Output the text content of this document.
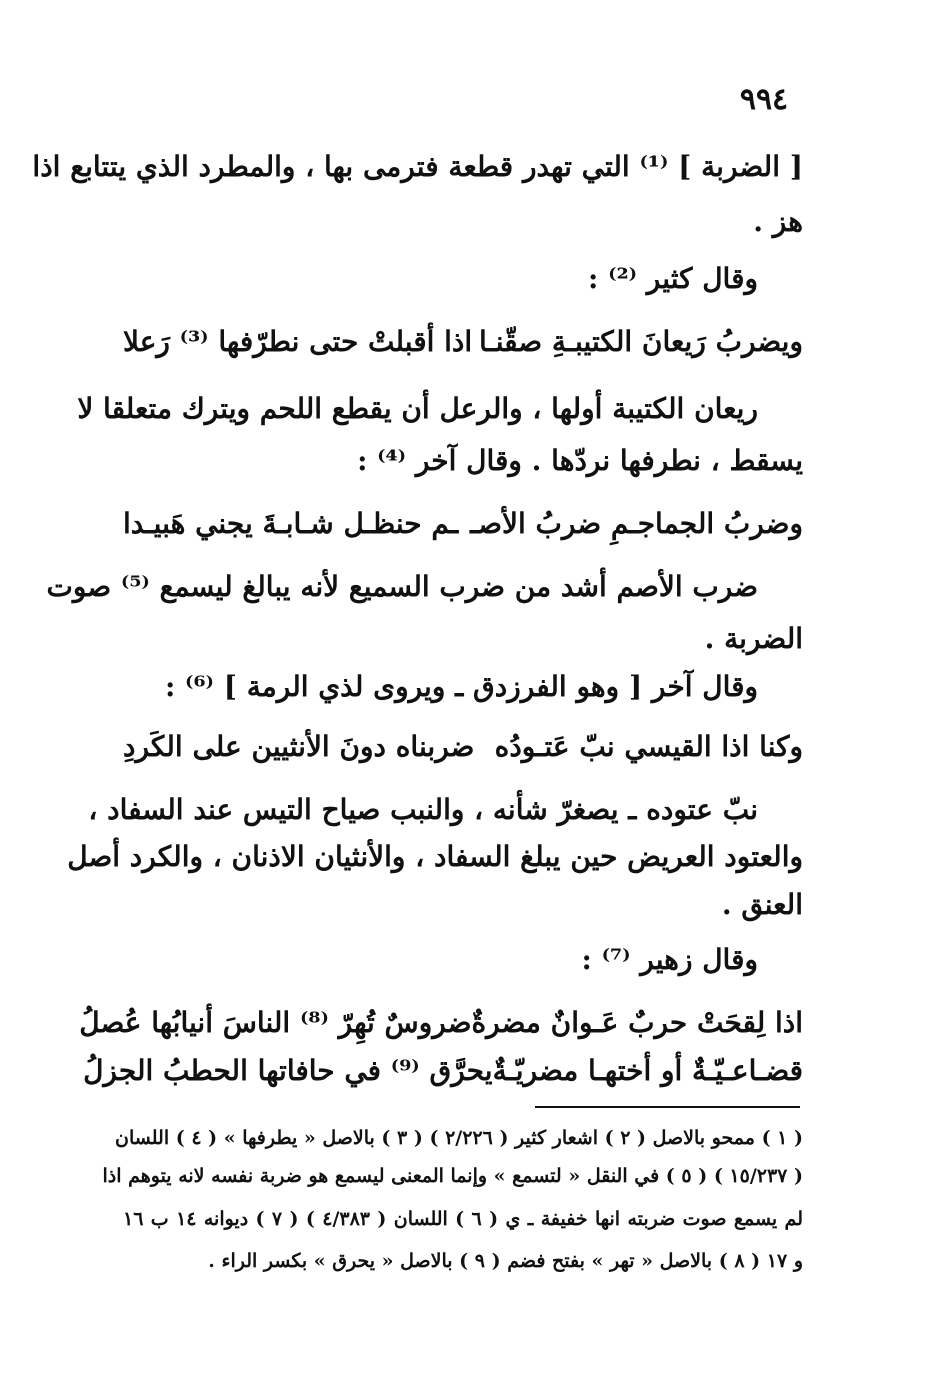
٩٩٤
[ الضربة ] ⁽¹⁾ التي تهدر قطعة فترمى بها ، والمطرد الذي يتتابع اذا
هز .
وقال كثير ⁽²⁾ :
ويضربُ رَيعانَ الكتيبـةِ صقّنـا
اذا أقبلتْ حتى نطرّفها ⁽³⁾ رَعلا
ريعان الكتيبة أولها ، والرعل أن يقطع اللحم ويترك متعلقا لا
يسقط ، نطرفها نردّها . وقال آخر ⁽⁴⁾ :
وضربُ الجماجـمِ ضربُ الأصـ
ـم حنظـل شـابـةَ يجني هَبيـدا
ضرب الأصم أشد من ضرب السميع لأنه يبالغ ليسمع ⁽⁵⁾ صوت
الضربة .
وقال آخر [ وهو الفرزدق ـ ويروى لذي الرمة ] ⁽⁶⁾ :
وكنا اذا القيسي نبّ عَتـودُه
ضربناه دونَ الأنثيين على الكَردِ
نبّ عتوده ـ يصغرّ شأنه ، والنبب صياح التيس عند السفاد ،
والعتود العريض حين يبلغ السفاد ، والأنثيان الاذنان ، والكرد أصل
العنق .
وقال زهير ⁽⁷⁾ :
اذا لِقحَتْ حربٌ عَـوانٌ مضرةٌ
ضروسٌ تُهِرّ ⁽⁸⁾ الناسَ أنيابُها عُصلُ
قضـاعـيّـةٌ أو أختهـا مضريّـةٌ
يحرَّق ⁽⁹⁾ في حافاتها الحطبُ الجزلُ
( ١ ) ممحو بالاصل ( ٢ ) اشعار كثير ( ٢/٢٢٦ ) ( ٣ ) بالاصل « يطرفها » ( ٤ ) اللسان
( ١٥/٢٣٧ ) ( ٥ ) في النقل « لتسمع » وإنما المعنى ليسمع هو ضربة نفسه لانه يتوهم اذا
لم يسمع صوت ضربته انها خفيفة ـ ي ( ٦ ) اللسان ( ٤/٣٨٣ ) ( ٧ ) ديوانه ١٤ ب ١٦
و ١٧ ( ٨ ) بالاصل « تهر » بفتح فضم ( ٩ ) بالاصل « يحرق » بكسر الراء .
